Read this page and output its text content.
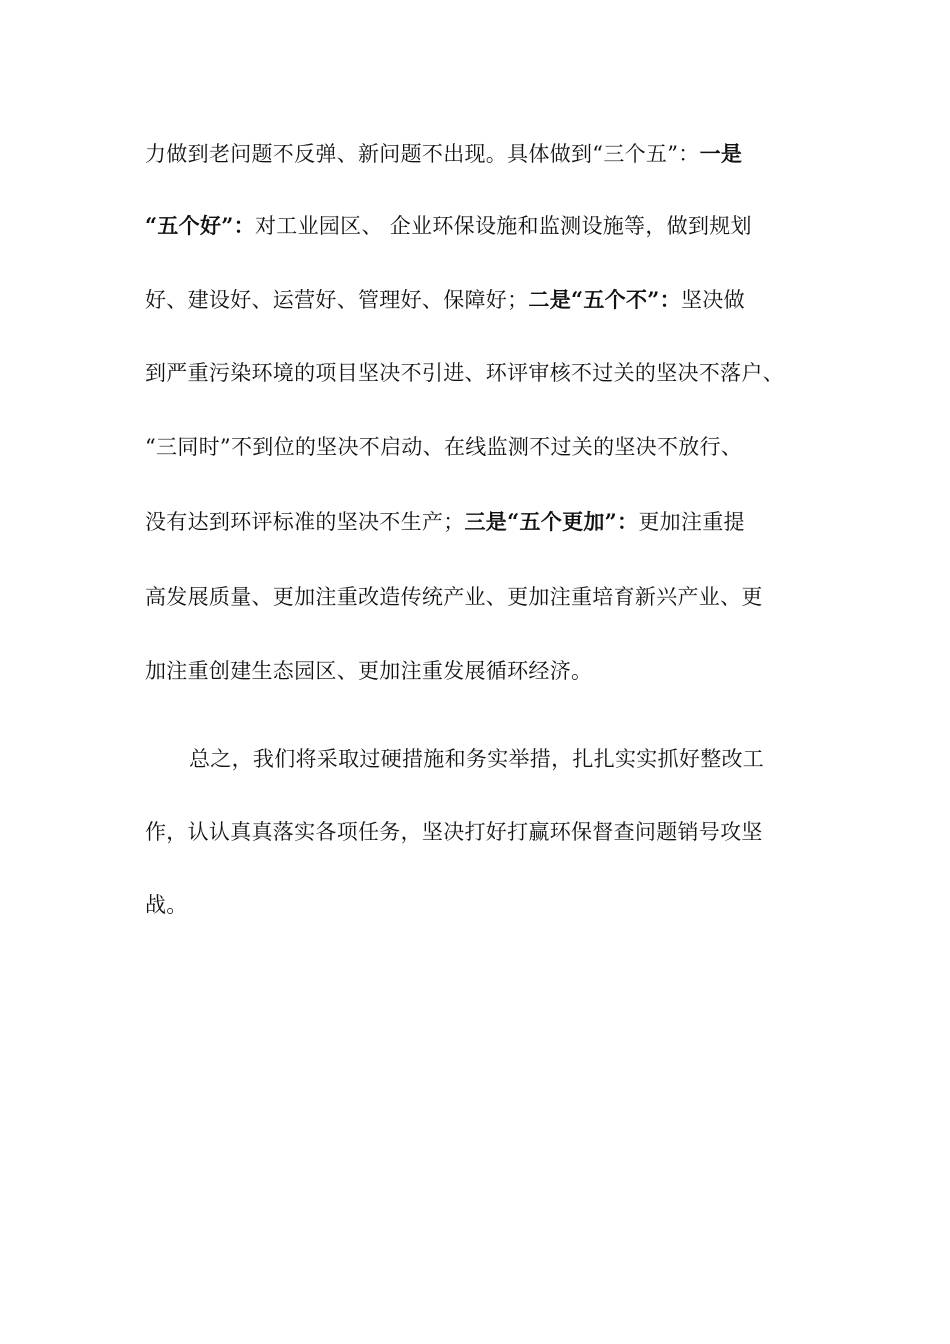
力做到老问题不反弹、新问题不出现。具体做到“三个五”：一是
“五个好”：对工业园区、 企业环保设施和监测设施等，做到规划
好、建设好、运营好、管理好、保障好；二是“五个不”：坚决做
到严重污染环境的项目坚决不引进、环评审核不过关的坚决不落户、
“三同时”不到位的坚决不启动、在线监测不过关的坚决不放行、
没有达到环评标准的坚决不生产；三是“五个更加”：更加注重提
高发展质量、更加注重改造传统产业、更加注重培育新兴产业、更
加注重创建生态园区、更加注重发展循环经济。
总之，我们将采取过硬措施和务实举措，扎扎实实抓好整改工
作，认认真真落实各项任务，坚决打好打赢环保督查问题销号攻坚
战。
